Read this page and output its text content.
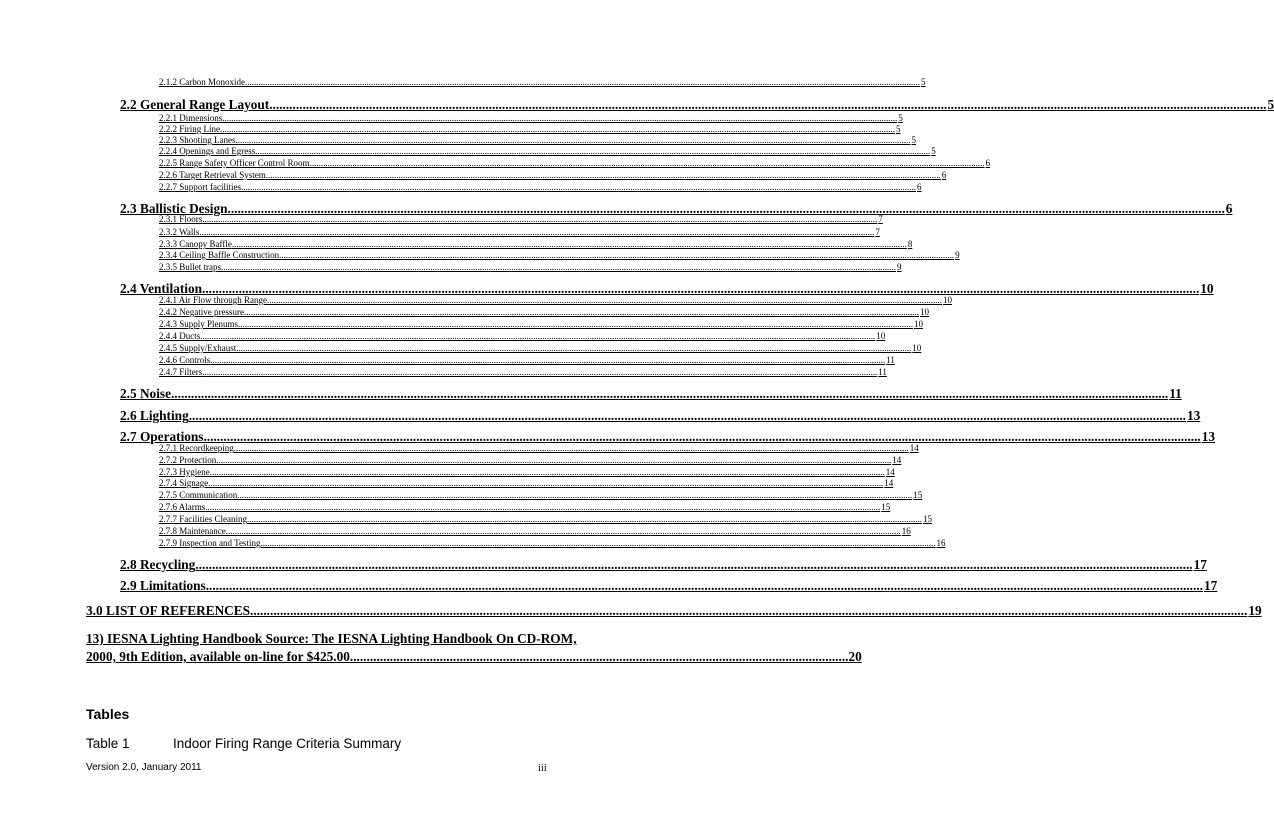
2.1.2 Carbon Monoxide ............................................................................................................................................................................................................................................................................................................ 5
2.2 General Range Layout ............................................................................................................................................................................................................................................................................................................ 5
2.2.1 Dimensions ............................................................................................................................................................................................................................................................................................................ 5
2.2.2 Firing Line ............................................................................................................................................................................................................................................................................................................ 5
2.2.3 Shooting Lanes ............................................................................................................................................................................................................................................................................................................ 5
2.2.4 Openings and Egress ............................................................................................................................................................................................................................................................................................................ 5
2.2.5 Range Safety Officer Control Room ............................................................................................................................................................................................................................................................................................................ 6
2.2.6 Target Retrieval System ............................................................................................................................................................................................................................................................................................................ 6
2.2.7 Support facilities ............................................................................................................................................................................................................................................................................................................ 6
2.3 Ballistic Design ............................................................................................................................................................................................................................................................................................................ 6
2.3.1 Floors ............................................................................................................................................................................................................................................................................................................ 7
2.3.2 Walls ............................................................................................................................................................................................................................................................................................................ 7
2.3.3 Canopy Baffle ............................................................................................................................................................................................................................................................................................................ 8
2.3.4 Ceiling Baffle Construction ............................................................................................................................................................................................................................................................................................................ 9
2.3.5 Bullet traps ............................................................................................................................................................................................................................................................................................................ 9
2.4 Ventilation ............................................................................................................................................................................................................................................................................................................ 10
2.4.1 Air Flow through Range ............................................................................................................................................................................................................................................................................................................ 10
2.4.2 Negative pressure ............................................................................................................................................................................................................................................................................................................ 10
2.4.3 Supply Plenums ............................................................................................................................................................................................................................................................................................................ 10
2.4.4 Ducts ............................................................................................................................................................................................................................................................................................................ 10
2.4.5 Supply/Exhaust ............................................................................................................................................................................................................................................................................................................ 10
2.4.6 Controls ............................................................................................................................................................................................................................................................................................................ 11
2.4.7 Filters ............................................................................................................................................................................................................................................................................................................ 11
2.5 Noise ............................................................................................................................................................................................................................................................................................................ 11
2.6 Lighting ............................................................................................................................................................................................................................................................................................................ 13
2.7 Operations ............................................................................................................................................................................................................................................................................................................ 13
2.7.1 Recordkeeping ............................................................................................................................................................................................................................................................................................................ 14
2.7.2 Protection ............................................................................................................................................................................................................................................................................................................ 14
2.7.3 Hygiene ............................................................................................................................................................................................................................................................................................................ 14
2.7.4 Signage ............................................................................................................................................................................................................................................................................................................ 14
2.7.5 Communication ............................................................................................................................................................................................................................................................................................................ 15
2.7.6 Alarms ............................................................................................................................................................................................................................................................................................................ 15
2.7.7 Facilities Cleaning ............................................................................................................................................................................................................................................................................................................ 15
2.7.8 Maintenance ............................................................................................................................................................................................................................................................................................................ 16
2.7.9 Inspection and Testing ............................................................................................................................................................................................................................................................................................................ 16
2.8 Recycling ............................................................................................................................................................................................................................................................................................................ 17
2.9 Limitations ............................................................................................................................................................................................................................................................................................................ 17
3.0 LIST OF REFERENCES ............................................................................................................................................................................................................................................................................................................ 19
13) IESNA Lighting Handbook Source: The IESNA Lighting Handbook On CD-ROM,
2000, 9th Edition, available on-line for $425.00 ...................................................................................................................................................... 20
Tables
Table 1	Indoor Firing Range Criteria Summary
Version 2.0, January 2011	iii
